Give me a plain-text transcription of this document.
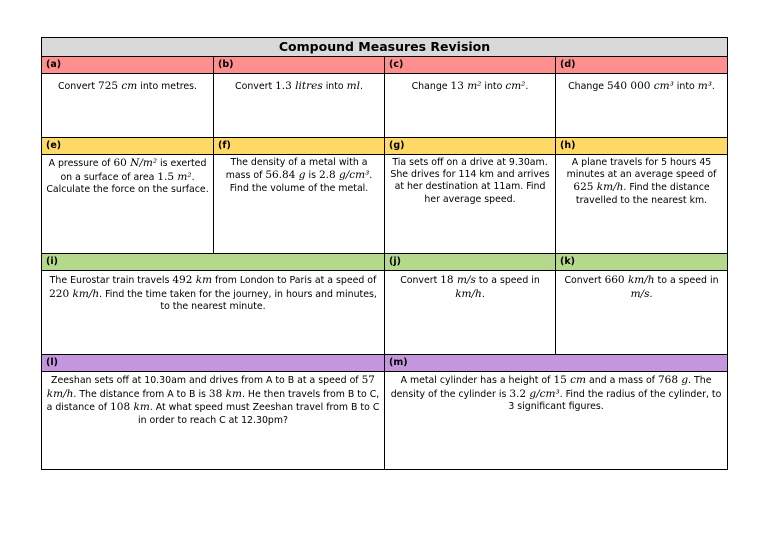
Compound Measures Revision			
(a)	(b)	(c)	(d)
Convert 725 cm into metres.	Convert 1.3 litres into ml.	Change 13 m² into cm².	Change 540 000 cm³ into m³.
(e)	(f)	(g)	(h)
A pressure of 60 N/m² is exerted on a surface of area 1.5 m². Calculate the force on the surface.	The density of a metal with a mass of 56.84 g is 2.8 g/cm³. Find the volume of the metal.	Tia sets off on a drive at 9.30am. She drives for 114 km and arrives at her destination at 11am. Find her average speed.	A plane travels for 5 hours 45 minutes at an average speed of 625 km/h. Find the distance travelled to the nearest km.
(i)		(j)	(k)
The Eurostar train travels 492 km from London to Paris at a speed of 220 km/h. Find the time taken for the journey, in hours and minutes, to the nearest minute.		Convert 18 m/s to a speed in km/h.	Convert 660 km/h to a speed in m/s.
(l)		(m)	
Zeeshan sets off at 10.30am and drives from A to B at a speed of 57 km/h. The distance from A to B is 38 km. He then travels from B to C, a distance of 108 km. At what speed must Zeeshan travel from B to C in order to reach C at 12.30pm?		A metal cylinder has a height of 15 cm and a mass of 768 g. The density of the cylinder is 3.2 g/cm³. Find the radius of the cylinder, to 3 significant figures.	
